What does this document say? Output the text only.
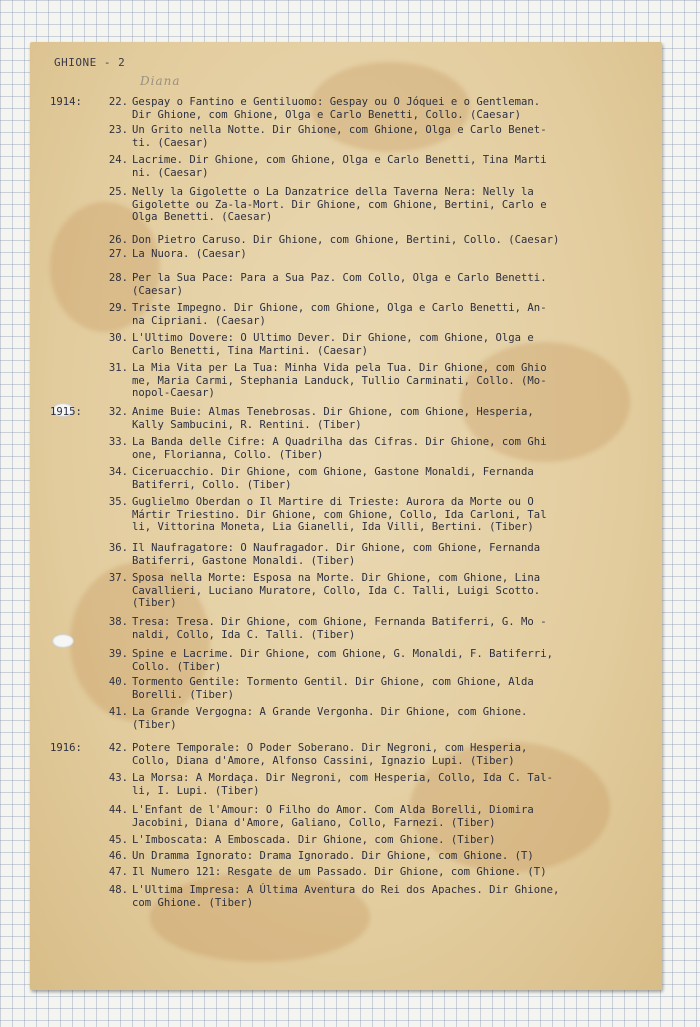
GHIONE - 2
Diana
1914:	22. Gespay o Fantino e Gentiluomo: Gespay ou O Jóquei e o Gentleman.
Dir Ghione, com Ghione, Olga e Carlo Benetti, Collo. (Caesar)
23. Un Grito nella Notte. Dir Ghione, com Ghione, Olga e Carlo Benet-
ti. (Caesar)
24. Lacrime. Dir Ghione, com Ghione, Olga e Carlo Benetti, Tina Marti
ni. (Caesar)
25. Nelly la Gigolette o La Danzatrice della Taverna Nera: Nelly la
Gigolette ou Za-la-Mort. Dir Ghione, com Ghione, Bertini, Carlo e
Olga Benetti. (Caesar)
26. Don Pietro Caruso. Dir Ghione, com Ghione, Bertini, Collo. (Caesar)
27. La Nuora. (Caesar)
28. Per la Sua Pace: Para a Sua Paz. Com Collo, Olga e Carlo Benetti.
(Caesar)
29. Triste Impegno. Dir Ghione, com Ghione, Olga e Carlo Benetti, An-
na Cipriani. (Caesar)
30. L'Ultimo Dovere: O Ultimo Dever. Dir Ghione, com Ghione, Olga e
Carlo Benetti, Tina Martini. (Caesar)
31. La Mia Vita per La Tua: Minha Vida pela Tua. Dir Ghione, com Ghio
me, Maria Carmi, Stephania Landuck, Tullio Carminati, Collo. (Mo-
nopol-Caesar)
1915:	32. Anime Buie: Almas Tenebrosas. Dir Ghione, com Ghione, Hesperia,
Kally Sambucini, R. Rentini. (Tiber)
33. La Banda delle Cifre: A Quadrilha das Cifras. Dir Ghione, com Ghi
one, Florianna, Collo. (Tiber)
34. Ciceruacchio. Dir Ghione, com Ghione, Gastone Monaldi, Fernanda
Batiferri, Collo. (Tiber)
35. Guglielmo Oberdan o Il Martire di Trieste: Aurora da Morte ou O
Mártir Triestino. Dir Ghione, com Ghione, Collo, Ida Carloni, Tal
li, Vittorina Moneta, Lia Gianelli, Ida Villi, Bertini. (Tiber)
36. Il Naufragatore: O Naufragador. Dir Ghione, com Ghione, Fernanda
Batiferri, Gastone Monaldi. (Tiber)
37. Sposa nella Morte: Esposa na Morte. Dir Ghione, com Ghione, Lina
Cavallieri, Luciano Muratore, Collo, Ida C. Talli, Luigi Scotto.
(Tiber)
38. Tresa: Tresa. Dir Ghione, com Ghione, Fernanda Batiferri, G. Mo -
naldi, Collo, Ida C. Talli. (Tiber)
39. Spine e Lacrime. Dir Ghione, com Ghione, G. Monaldi, F. Batiferri,
Collo. (Tiber)
40. Tormento Gentile: Tormento Gentil. Dir Ghione, com Ghione, Alda
Borelli. (Tiber)
41. La Grande Vergogna: A Grande Vergonha. Dir Ghione, com Ghione.
(Tiber)
1916:	42. Potere Temporale: O Poder Soberano. Dir Negroni, com Hesperia,
Collo, Diana d'Amore, Alfonso Cassini, Ignazio Lupi. (Tiber)
43. La Morsa: A Mordaça. Dir Negroni, com Hesperia, Collo, Ida C. Tal-
li, I. Lupi. (Tiber)
44. L'Enfant de l'Amour: O Filho do Amor. Com Alda Borelli, Diomira
Jacobini, Diana d'Amore, Galiano, Collo, Farnezi. (Tiber)
45. L'Imboscata: A Emboscada. Dir Ghione, com Ghione. (Tiber)
46. Un Dramma Ignorato: Drama Ignorado. Dir Ghione, com Ghione. (T)
47. Il Numero 121: Resgate de um Passado. Dir Ghione, com Ghione. (T)
48. L'Ultima Impresa: A Última Aventura do Rei dos Apaches. Dir Ghione,
com Ghione. (Tiber)
